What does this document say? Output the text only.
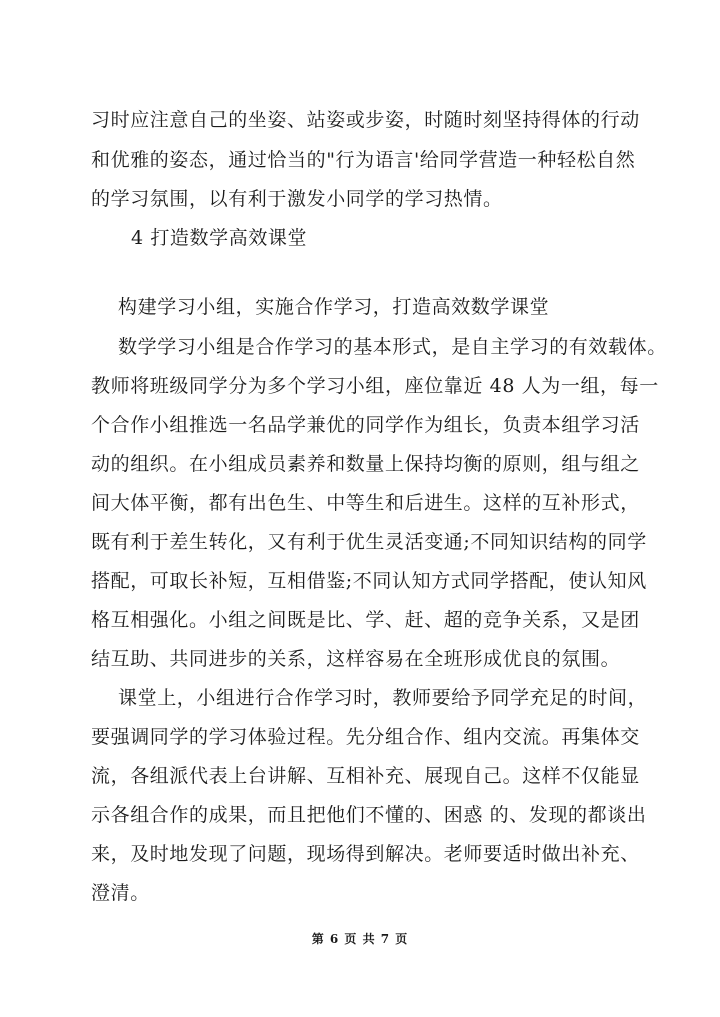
习时应注意自己的坐姿、站姿或步姿，时随时刻坚持得体的行动
和优雅的姿态，通过恰当的"行为语言'给同学营造一种轻松自然
的学习氛围，以有利于激发小同学的学习热情。
4 打造数学高效课堂
构建学习小组，实施合作学习，打造高效数学课堂
数学学习小组是合作学习的基本形式，是自主学习的有效载体。
教师将班级同学分为多个学习小组，座位靠近 48 人为一组，每一
个合作小组推选一名品学兼优的同学作为组长，负责本组学习活
动的组织。在小组成员素养和数量上保持均衡的原则，组与组之
间大体平衡，都有出色生、中等生和后进生。这样的互补形式，
既有利于差生转化，又有利于优生灵活变通;不同知识结构的同学
搭配，可取长补短，互相借鉴;不同认知方式同学搭配，使认知风
格互相强化。小组之间既是比、学、赶、超的竞争关系，又是团
结互助、共同进步的关系，这样容易在全班形成优良的氛围。
课堂上，小组进行合作学习时，教师要给予同学充足的时间，
要强调同学的学习体验过程。先分组合作、组内交流。再集体交
流，各组派代表上台讲解、互相补充、展现自己。这样不仅能显
示各组合作的成果，而且把他们不懂的、困惑 的、发现的都谈出
来，及时地发现了问题，现场得到解决。老师要适时做出补充、
澄清。
第 6 页 共 7 页
